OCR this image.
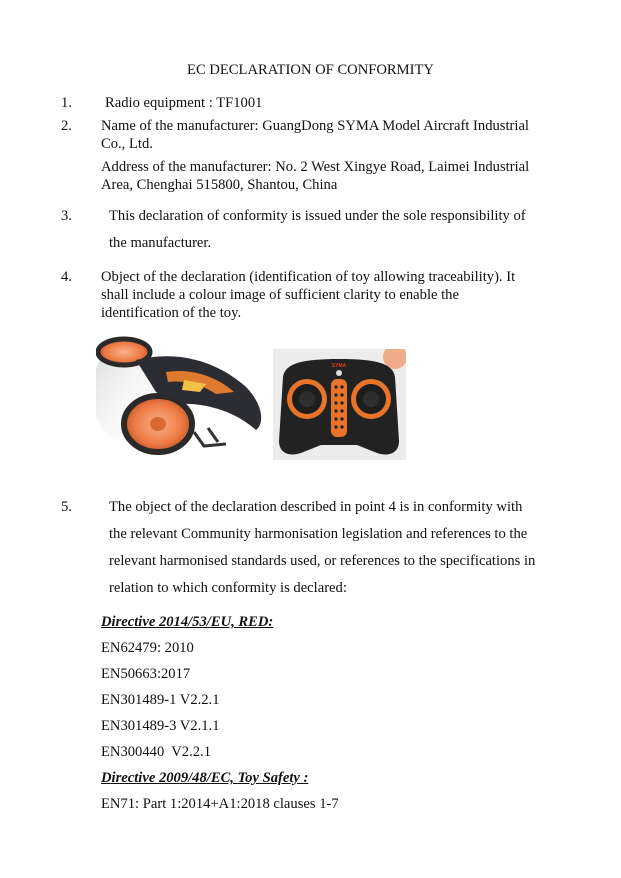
EC DECLARATION OF CONFORMITY
1. Radio equipment : TF1001
2. Name of the manufacturer: GuangDong SYMA Model Aircraft Industrial
Co., Ltd.
Address of the manufacturer: No. 2 West Xingye Road, Laimei Industrial
Area, Chenghai 515800, Shantou, China
3.	This declaration of conformity is issued under the sole responsibility of
the manufacturer.
4. Object of the declaration (identification of toy allowing traceability). It
shall include a colour image of sufficient clarity to enable the
identification of the toy.
SYMA
5.	The object of the declaration described in point 4 is in conformity with
the relevant Community harmonisation legislation and references to the
relevant harmonised standards used, or references to the specifications in
relation to which conformity is declared:
Directive 2014/53/EU, RED:
EN62479: 2010
EN50663:2017
EN301489-1 V2.2.1
EN301489-3 V2.1.1
EN300440  V2.2.1
Directive 2009/48/EC, Toy Safety :
EN71: Part 1:2014+A1:2018 clauses 1-7
